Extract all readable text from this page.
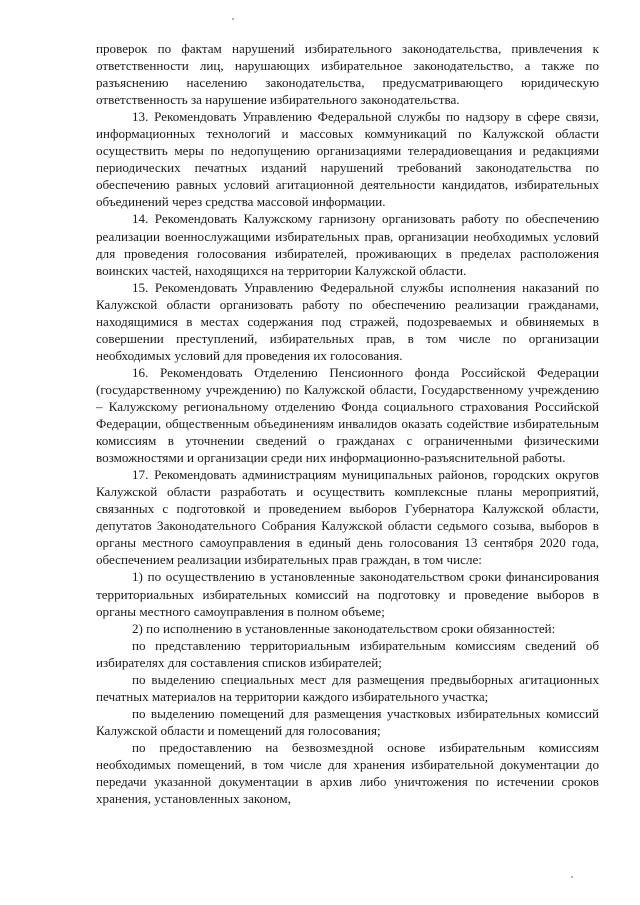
проверок по фактам нарушений избирательного законодательства, привлечения к ответственности лиц, нарушающих избирательное законодательство, а также по разъяснению населению законодательства, предусматривающего юридическую ответственность за нарушение избирательного законодательства.

13. Рекомендовать Управлению Федеральной службы по надзору в сфере связи, информационных технологий и массовых коммуникаций по Калужской области осуществить меры по недопущению организациями телерадиовещания и редакциями периодических печатных изданий нарушений требований законодательства по обеспечению равных условий агитационной деятельности кандидатов, избирательных объединений через средства массовой информации.

14. Рекомендовать Калужскому гарнизону организовать работу по обеспечению реализации военнослужащими избирательных прав, организации необходимых условий для проведения голосования избирателей, проживающих в пределах расположения воинских частей, находящихся на территории Калужской области.

15. Рекомендовать Управлению Федеральной службы исполнения наказаний по Калужской области организовать работу по обеспечению реализации гражданами, находящимися в местах содержания под стражей, подозреваемых и обвиняемых в совершении преступлений, избирательных прав, в том числе по организации необходимых условий для проведения их голосования.

16. Рекомендовать Отделению Пенсионного фонда Российской Федерации (государственному учреждению) по Калужской области, Государственному учреждению – Калужскому региональному отделению Фонда социального страхования Российской Федерации, общественным объединениям инвалидов оказать содействие избирательным комиссиям в уточнении сведений о гражданах с ограниченными физическими возможностями и организации среди них информационно-разъяснительной работы.

17. Рекомендовать администрациям муниципальных районов, городских округов Калужской области разработать и осуществить комплексные планы мероприятий, связанных с подготовкой и проведением выборов Губернатора Калужской области, депутатов Законодательного Собрания Калужской области седьмого созыва, выборов в органы местного самоуправления в единый день голосования 13 сентября 2020 года, обеспечением реализации избирательных прав граждан, в том числе:

1) по осуществлению в установленные законодательством сроки финансирования территориальных избирательных комиссий на подготовку и проведение выборов в органы местного самоуправления в полном объеме;

2) по исполнению в установленные законодательством сроки обязанностей:

по представлению территориальным избирательным комиссиям сведений об избирателях для составления списков избирателей;

по выделению специальных мест для размещения предвыборных агитационных печатных материалов на территории каждого избирательного участка;

по выделению помещений для размещения участковых избирательных комиссий Калужской области и помещений для голосования;

по предоставлению на безвозмездной основе избирательным комиссиям необходимых помещений, в том числе для хранения избирательной документации до передачи указанной документации в архив либо уничтожения по истечении сроков хранения, установленных законом,
